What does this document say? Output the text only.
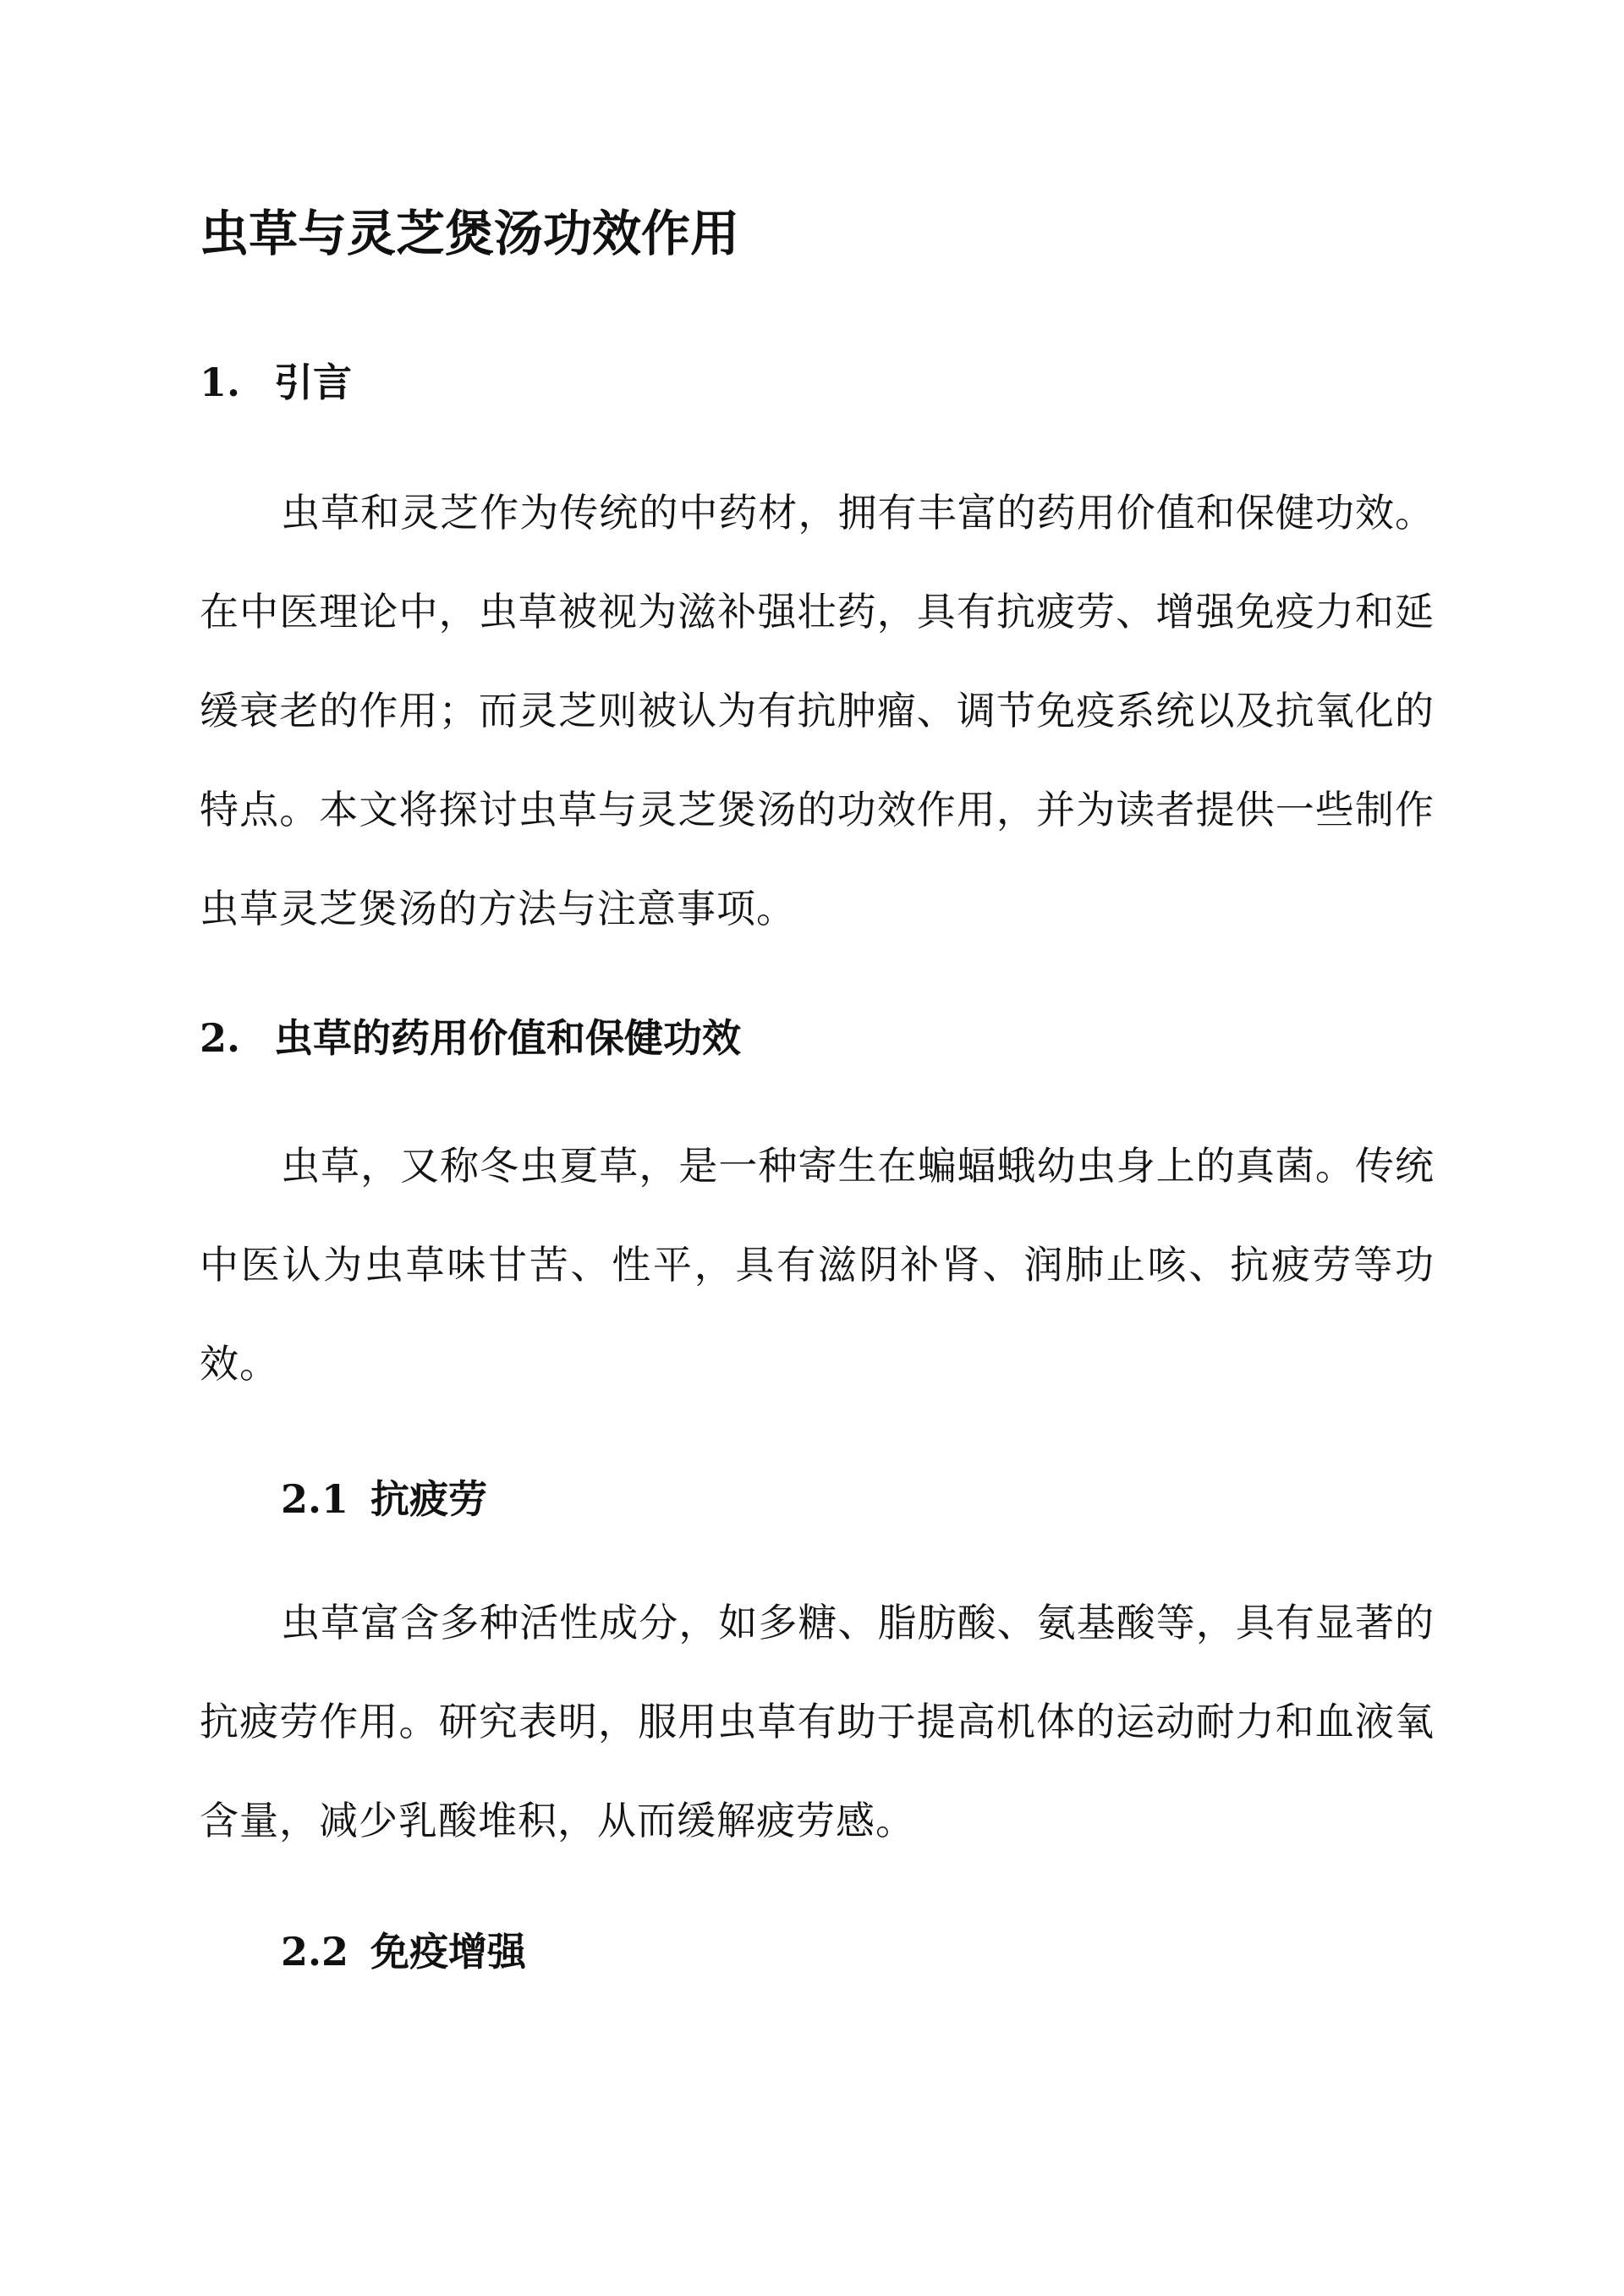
虫草与灵芝煲汤功效作用
1. 引言

虫草和灵芝作为传统的中药材，拥有丰富的药用价值和保健功效。在中医理论中，虫草被视为滋补强壮药，具有抗疲劳、增强免疫力和延缓衰老的作用；而灵芝则被认为有抗肿瘤、调节免疫系统以及抗氧化的特点。本文将探讨虫草与灵芝煲汤的功效作用，并为读者提供一些制作虫草灵芝煲汤的方法与注意事项。

2. 虫草的药用价值和保健功效

虫草，又称冬虫夏草，是一种寄生在蝙蝠蛾幼虫身上的真菌。传统中医认为虫草味甘苦、性平，具有滋阴补肾、润肺止咳、抗疲劳等功效。

2.1 抗疲劳

虫草富含多种活性成分，如多糖、脂肪酸、氨基酸等，具有显著的抗疲劳作用。研究表明，服用虫草有助于提高机体的运动耐力和血液氧含量，减少乳酸堆积，从而缓解疲劳感。

2.2 免疫增强
